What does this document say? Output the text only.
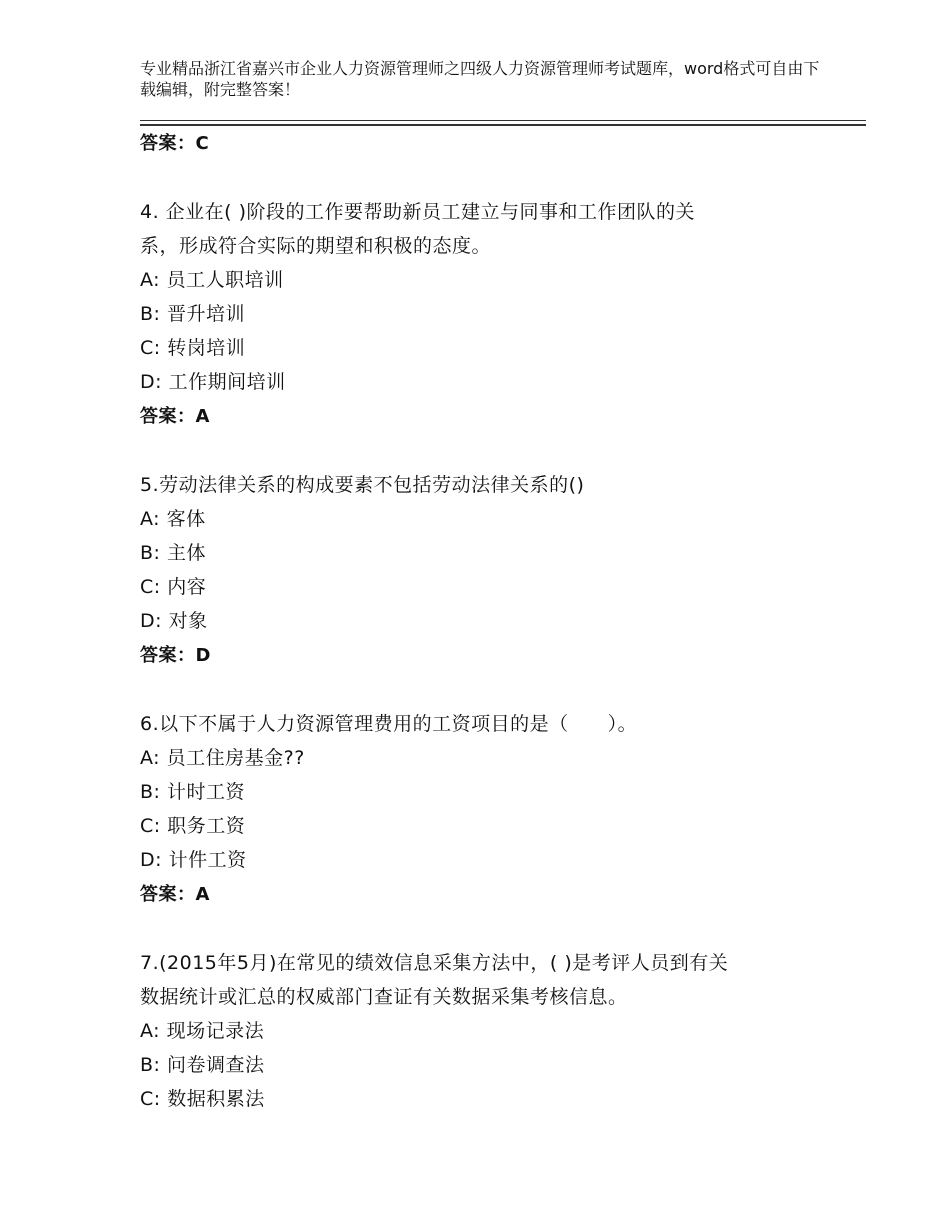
专业精品浙江省嘉兴市企业人力资源管理师之四级人力资源管理师考试题库，word格式可自由下载编辑，附完整答案！
答案：C
4. 企业在( )阶段的工作要帮助新员工建立与同事和工作团队的关
系，形成符合实际的期望和积极的态度。
A: 员工人职培训
B: 晋升培训
C: 转岗培训
D: 工作期间培训
答案：A
5.劳动法律关系的构成要素不包括劳动法律关系的()
A: 客体
B: 主体
C: 内容
D: 对象
答案：D
6.以下不属于人力资源管理费用的工资项目的是（　　）。
A: 员工住房基金??
B: 计时工资
C: 职务工资
D: 计件工资
答案：A
7.(2015年5月)在常见的绩效信息采集方法中，( )是考评人员到有关
数据统计或汇总的权威部门查证有关数据采集考核信息。
A: 现场记录法
B: 问卷调查法
C: 数据积累法
